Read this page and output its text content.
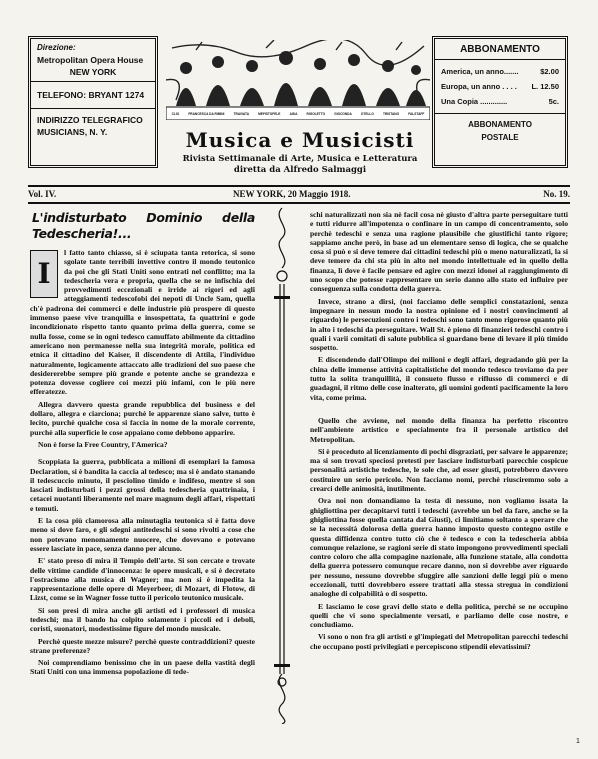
Direzione:
Metropolitan Opera House
NEW YORK
TELEFONO: BRYANT 1274
INDIRIZZO TELEGRAFICO
MUSICIANS, N. Y.
CLIO	FRANCESCA DA RIMINI	TRAVIATA	MEFISTOFELE	AIDA	RIGOLETTO	GIOCONDA	OTELLO	TRISTANO	FALSTAFF
Musica e Musicisti
Rivista Settimanale di Arte, Musica e Letteratura
diretta da Alfredo Salmaggi
ABBONAMENTO
America, un anno.......	$2.00
Europa, un anno . . . . L. 12.50
Una Copia .............	5c.
ABBONAMENTO
POSTALE
Vol. IV.	NEW YORK, 20 Maggio 1918.	No. 19.
L'indisturbato Dominio della Tedescheria!...
I

l fatto tanto chiasso, si è sciupata tanta retorica, si sono sgolate tante terribili invettive contro il mondo teutonico da poi che gli Stati Uniti sono entrati nel conflitto; ma la tedescheria vera e propria, quella che se ne infischia dei provvedimenti eccezionali e irride ai rigori ed agli atteggiamenti tedescofobi dei nepoti di Uncle Sam, quella ch'è padrona dei commerci e delle industrie più prospere di questo immenso paese vive tranquilla e insospettata, fa quattrini e gode incondizionato rispetto tanto quanto prima della guerra, come se nulla fosse, come se in ogni tedesco camuffato abilmente da cittadino americano non permanesse nella sua integrità morale, politica ed etnica il cittadino del Kaiser, il discendente di Attila, l'individuo naturalmente, logicamente attaccato alle tradizioni del suo paese che desidererebbe sempre più grande e potente anche se grandezza e potenza dovesse cogliere coi mezzi più infami, con le più nere efferatezze.

Allegra davvero questa grande repubblica del business e del dollaro, allegra e ciarciona; purchè le apparenze siano salve, tutto è lecito, purchè qualche cosa si faccia in nome de la morale corrente, purchè alla superficie le cose appaiano come debbono apparire.

Non è forse la Free Country, l'America?

Scoppiata la guerra, pubblicata a milioni di esemplari la famosa Declaration, si è bandita la caccia al tedesco; ma si è andato stanando il tedescuccio minuto, il pesciolino timido e indifeso, mentre si son lasciati indisturbati i pezzi grossi della tedescheria quattrinaia, i cetacei nuotanti liberamente nel mare magnum degli affari, rispettati e temuti.

E la cosa più clamorosa alla minutaglia teutonica si è fatta dove meno si dove faro, e gli sdegni antitedeschi si sono rivolti a cose che non potevano menomamente nuocere, che dovevano e potevano essere lasciate in pace, senza danno per alcuno.

E' stato preso di mira il Tempio dell'arte. Si son cercate e trovate delle vittime candide d'innocenza: le opere musicali, e si è decretato l'ostracismo alla musica di Wagner; ma non si è impedita la rappresentazione delle opere di Meyerbeer, di Mozart, di Flotow, di Lizst, come se in Wagner fosse tutto il pericolo teutonico musicale.

Si son presi di mira anche gli artisti ed i professori di musica tedeschi; ma il bando ha colpito solamente i piccoli ed i deboli, coristi, suonatori, modestissime figure del mondo musicale.

Perchè queste mezze misure? perchè queste contraddizioni? queste strane preferenze?

Noi comprendiamo benissimo che in un paese della vastità degli Stati Uniti con una immensa popolazione di tede-

schi naturalizzati non sia nè facil cosa nè giusto d'altra parte perseguitare tutti e tutti ridurre all'impotenza o confinare in un campo di concentramento, solo perchè tedeschi e senza una ragione plausibile che giustifichi tanto rigore; sappiamo anche però, in base ad un elementare senso di logica, che se qualche cosa si può e si deve temere dai cittadini tedeschi più o meno naturalizzati, la si deve temere da chi sta più in alto nel mondo intellettuale ed in quello della finanza, lì dove è facile pensare ed agire con mezzi idonei al raggiungimento di uno scopo che potesse rappresentare un serio danno allo stato ed influire per conseguenza sulla condotta della guerra.

Invece, strano a dirsi, (noi facciamo delle semplici constatazioni, senza impegnare in nessun modo la nostra opinione ed i nostri convincimenti al riguardo) le persecuzioni contro i tedeschi sono tanto meno rigorose quanto più in alto i tedeschi da perseguitare. Wall St. è pieno di finanzieri tedeschi contro i quali i varii comitati di salute pubblica si guardano bene di levare il più timido sospetto.

E discendendo dall'Olimpo dei milioni e degli affari, degradando giù per la china delle immense attività capitalistiche del mondo tedesco troviamo da per tutto la solita tranquillità, il consueto flusso e riflusso di commerci e di guadagni, il ritmo delle cose inalterato, gli uomini godenti pacificamente la loro vita, come prima.

Quello che avviene, nel mondo della finanza ha perfetto riscontro nell'ambiente artistico e specialmente fra il personale artistico del Metropolitan.

Si è proceduto al licenziamento di pochi disgraziati, per salvare le apparenze; ma si son trovati speciosi pretesti per lasciare indisturbati parecchie cospicue personalità artistiche tedesche, le sole che, ad esser giusti, potrebbero davvero costituire un serio pericolo. Non facciamo nomi, perchè riusciremmo solo a crearci delle animosità, inutilmente.

Ora noi non domandiamo la testa di nessuno, non vogliamo issata la ghigliottina per decapitarvi tutti i tedeschi (avrebbe un bel da fare, anche se la ghigliottina fosse quella cantata dal Giusti), ci limitiamo soltanto a sperare che se la necessità dolorosa della guerra hanno imposto questo contegno ostile e questa diffidenza contro tutto ciò che è tedesco e con la tedescheria abbia comunque relazione, se ragioni serie di stato impongono provvedimenti speciali contro coloro che alla compagine nazionale, alla funzione statale, alla condotta della guerra potessero comunque recare danno, non si dovrebbe aver riguardo per nessuno, nessuno dovrebbe sfuggire alle sanzioni delle leggi più o meno eccezionali, tutti dovrebbero essere trattati alla stessa stregua in condizioni analoghe di colpabilità o di sospetto.

E lasciamo le cose gravi dello stato e della politica, perchè se ne occupino quelli che vi sono specialmente versati, e parliamo delle cose nostre, e concludiamo.

Vi sono o non fra gli artisti e gl'impiegati del Metropolitan parecchi tedeschi che occupano posti privilegiati e percepiscono stipendii elevatissimi?

1
